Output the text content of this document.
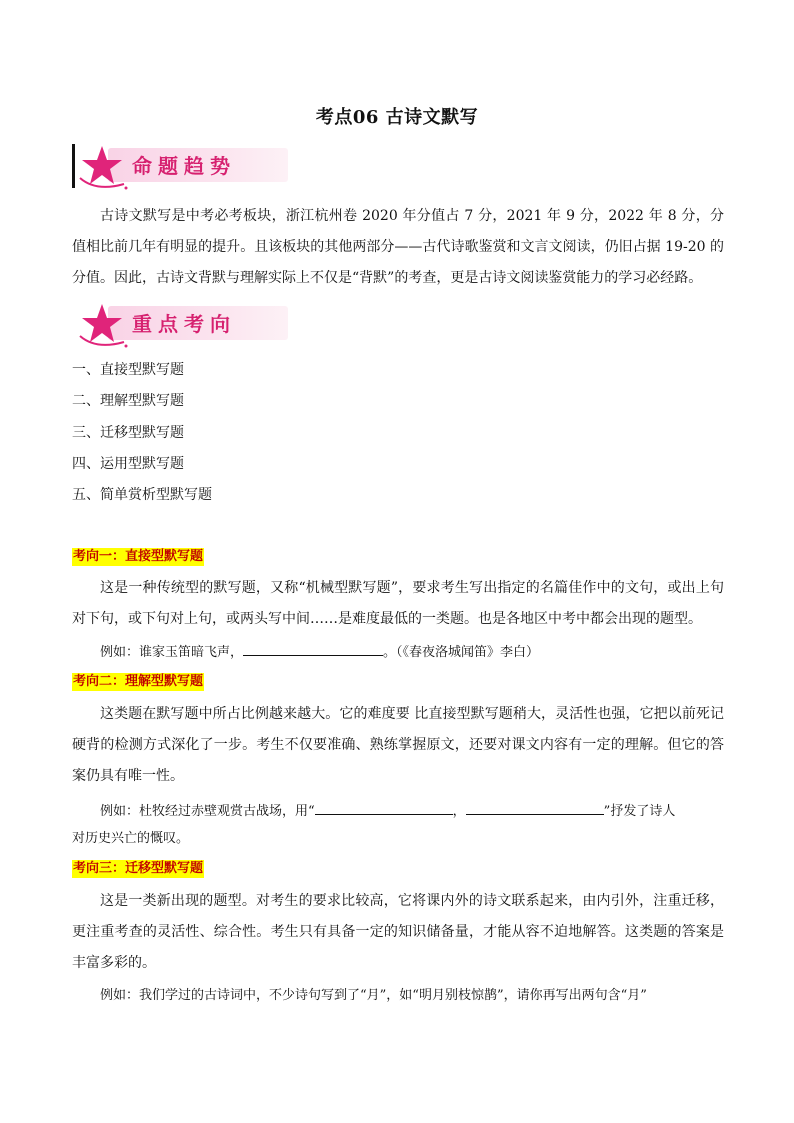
考点06 古诗文默写
命题趋势

古诗文默写是中考必考板块，浙江杭州卷 2020 年分值占 7 分，2021 年 9 分，2022 年 8 分，分值相比前几年有明显的提升。且该板块的其他两部分——古代诗歌鉴赏和文言文阅读，仍旧占据 19-20 的分值。因此，古诗文背默与理解实际上不仅是“背默”的考查，更是古诗文阅读鉴赏能力的学习必经路。

重点考向
一、直接型默写题
二、理解型默写题
三、迁移型默写题
四、运用型默写题
五、简单赏析型默写题
考向一：直接型默写题

这是一种传统型的默写题，又称“机械型默写题”，要求考生写出指定的名篇佳作中的文句，或出上句对下句，或下句对上句，或两头写中间……是难度最低的一类题。也是各地区中考中都会出现的题型。

例如：谁家玉笛暗飞声，	。（《春夜洛城闻笛》李白）
考向二：理解型默写题

这类题在默写题中所占比例越来越大。它的难度要 比直接型默写题稍大，灵活性也强，它把以前死记硬背的检测方式深化了一步。考生不仅要准确、熟练掌握原文，还要对课文内容有一定的理解。但它的答案仍具有唯一性。

例如：杜牧经过赤壁观赏古战场，用“	，	”抒发了诗人
对历史兴亡的慨叹。
考向三：迁移型默写题

这是一类新出现的题型。对考生的要求比较高，它将课内外的诗文联系起来，由内引外，注重迁移，更注重考查的灵活性、综合性。考生只有具备一定的知识储备量，才能从容不迫地解答。这类题的答案是丰富多彩的。

例如：我们学过的古诗词中，不少诗句写到了“月”，如“明月别枝惊鹊”，请你再写出两句含“月”
